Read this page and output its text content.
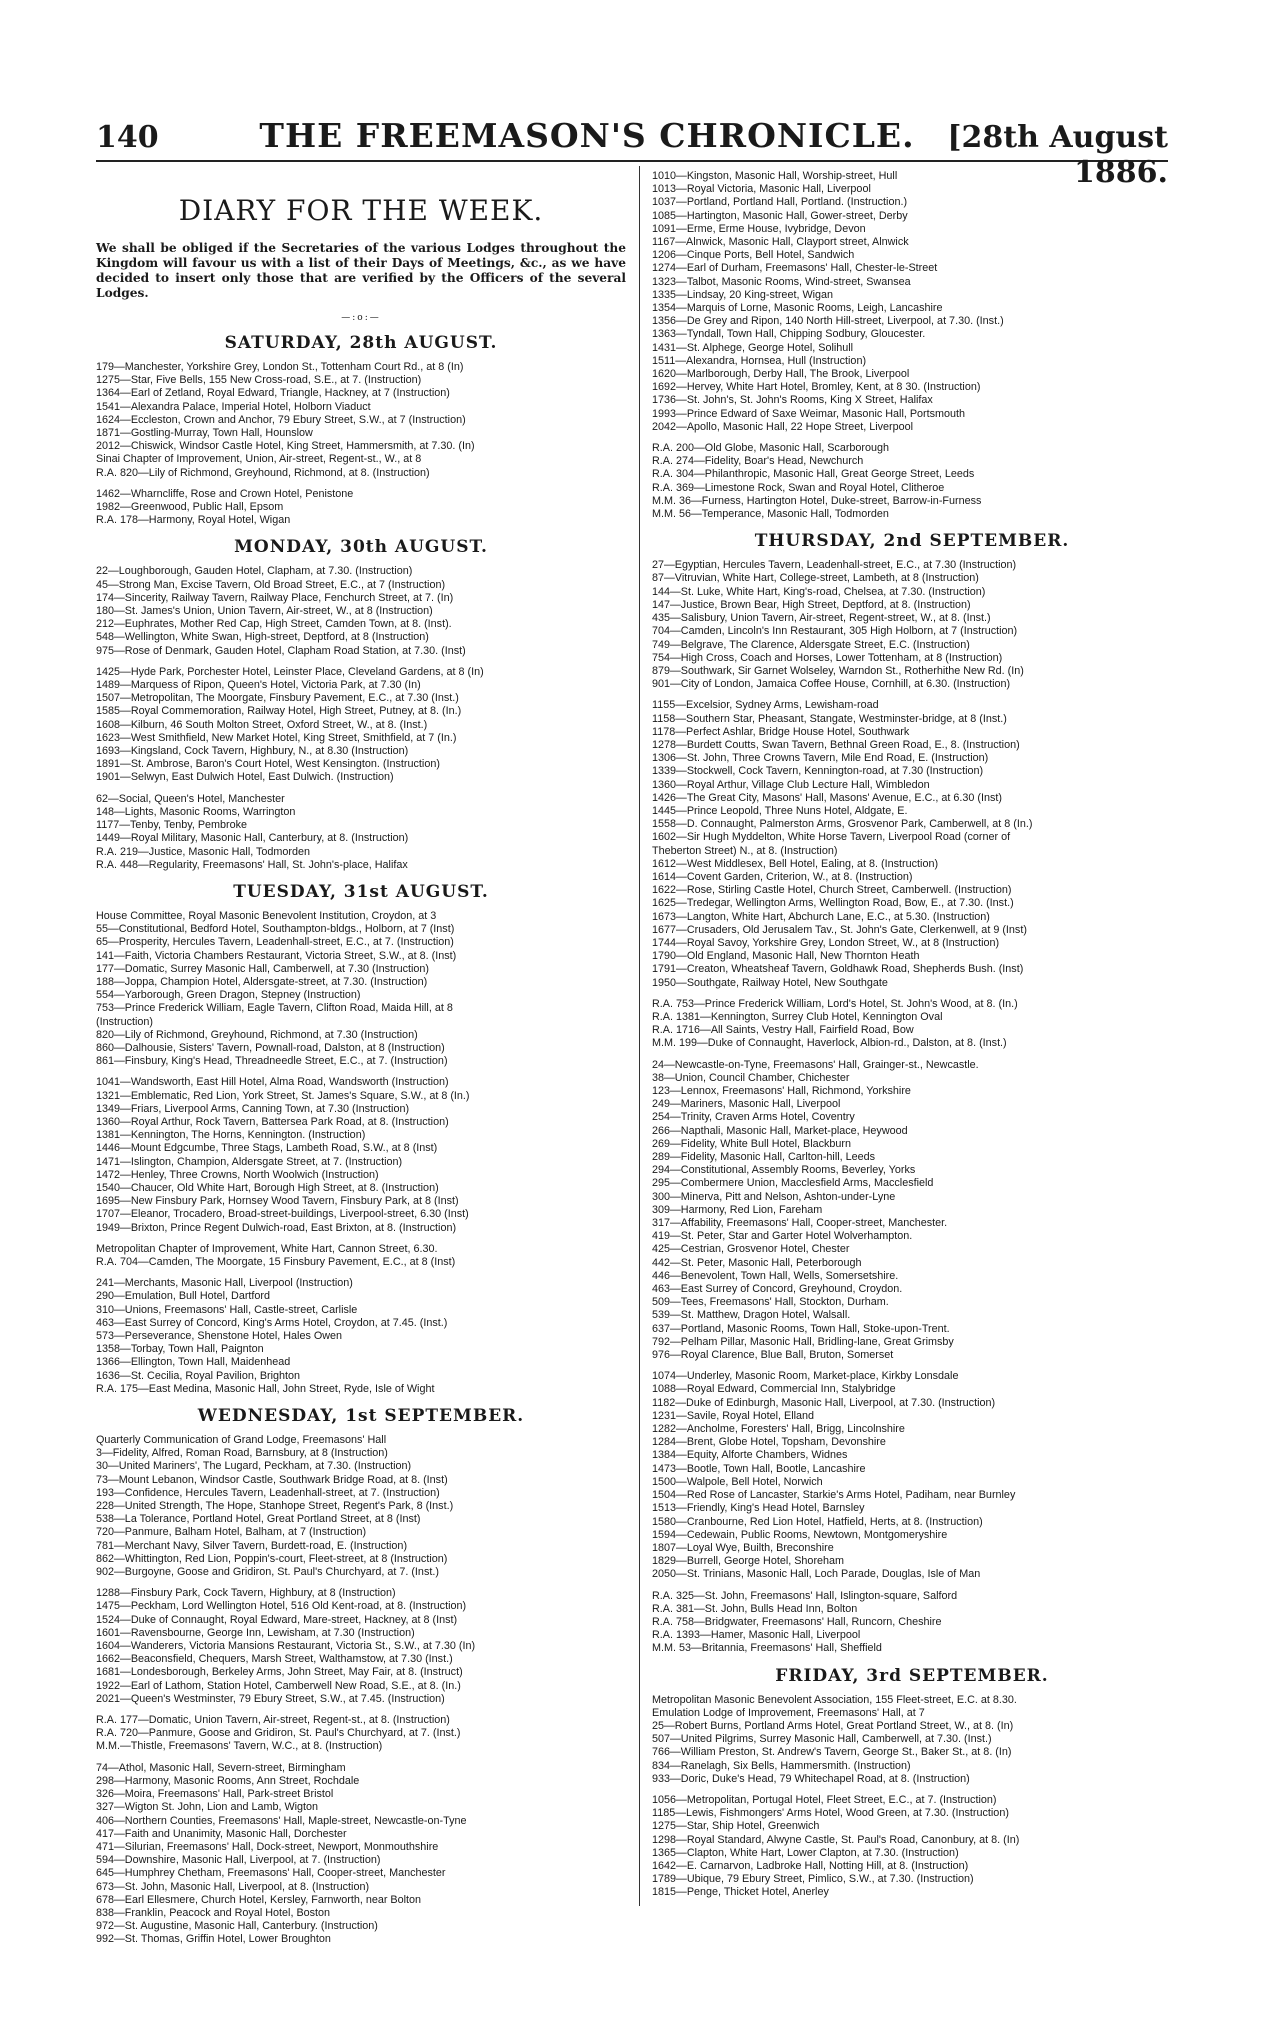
140	THE FREEMASON'S CHRONICLE.	[28th August 1886.
DIARY FOR THE WEEK.
We shall be obliged if the Secretaries of the various Lodges throughout the Kingdom will favour us with a list of their Days of Meetings, &c., as we have decided to insert only those that are verified by the Officers of the several Lodges.
—:o:—
SATURDAY, 28th AUGUST.
179—Manchester, Yorkshire Grey, London St., Tottenham Court Rd., at 8 (In)
1275—Star, Five Bells, 155 New Cross-road, S.E., at 7. (Instruction)
1364—Earl of Zetland, Royal Edward, Triangle, Hackney, at 7 (Instruction)
1541—Alexandra Palace, Imperial Hotel, Holborn Viaduct
1624—Eccleston, Crown and Anchor, 79 Ebury Street, S.W., at 7 (Instruction)
1871—Gostling-Murray, Town Hall, Hounslow
2012—Chiswick, Windsor Castle Hotel, King Street, Hammersmith, at 7.30. (In)
Sinai Chapter of Improvement, Union, Air-street, Regent-st., W., at 8
R.A. 820—Lily of Richmond, Greyhound, Richmond, at 8. (Instruction)
1462—Wharncliffe, Rose and Crown Hotel, Penistone
1982—Greenwood, Public Hall, Epsom
R.A. 178—Harmony, Royal Hotel, Wigan
MONDAY, 30th AUGUST.
22—Loughborough, Gauden Hotel, Clapham, at 7.30. (Instruction)
45—Strong Man, Excise Tavern, Old Broad Street, E.C., at 7 (Instruction)
174—Sincerity, Railway Tavern, Railway Place, Fenchurch Street, at 7. (In)
180—St. James's Union, Union Tavern, Air-street, W., at 8 (Instruction)
212—Euphrates, Mother Red Cap, High Street, Camden Town, at 8. (Inst).
548—Wellington, White Swan, High-street, Deptford, at 8 (Instruction)
975—Rose of Denmark, Gauden Hotel, Clapham Road Station, at 7.30. (Inst)
1425—Hyde Park, Porchester Hotel, Leinster Place, Cleveland Gardens, at 8 (In)
1489—Marquess of Ripon, Queen's Hotel, Victoria Park, at 7.30 (In)
1507—Metropolitan, The Moorgate, Finsbury Pavement, E.C., at 7.30 (Inst.)
1585—Royal Commemoration, Railway Hotel, High Street, Putney, at 8. (In.)
1608—Kilburn, 46 South Molton Street, Oxford Street, W., at 8. (Inst.)
1623—West Smithfield, New Market Hotel, King Street, Smithfield, at 7 (In.)
1693—Kingsland, Cock Tavern, Highbury, N., at 8.30 (Instruction)
1891—St. Ambrose, Baron's Court Hotel, West Kensington. (Instruction)
1901—Selwyn, East Dulwich Hotel, East Dulwich. (Instruction)
62—Social, Queen's Hotel, Manchester
148—Lights, Masonic Rooms, Warrington
1177—Tenby, Tenby, Pembroke
1449—Royal Military, Masonic Hall, Canterbury, at 8. (Instruction)
R.A. 219—Justice, Masonic Hall, Todmorden
R.A. 448—Regularity, Freemasons' Hall, St. John's-place, Halifax
TUESDAY, 31st AUGUST.
House Committee, Royal Masonic Benevolent Institution, Croydon, at 3
55—Constitutional, Bedford Hotel, Southampton-bldgs., Holborn, at 7 (Inst)
65—Prosperity, Hercules Tavern, Leadenhall-street, E.C., at 7. (Instruction)
141—Faith, Victoria Chambers Restaurant, Victoria Street, S.W., at 8. (Inst)
177—Domatic, Surrey Masonic Hall, Camberwell, at 7.30 (Instruction)
188—Joppa, Champion Hotel, Aldersgate-street, at 7.30. (Instruction)
554—Yarborough, Green Dragon, Stepney (Instruction)
753—Prince Frederick William, Eagle Tavern, Clifton Road, Maida Hill, at 8
(Instruction)
820—Lily of Richmond, Greyhound, Richmond, at 7.30 (Instruction)
860—Dalhousie, Sisters' Tavern, Pownall-road, Dalston, at 8 (Instruction)
861—Finsbury, King's Head, Threadneedle Street, E.C., at 7. (Instruction)
1041—Wandsworth, East Hill Hotel, Alma Road, Wandsworth (Instruction)
1321—Emblematic, Red Lion, York Street, St. James's Square, S.W., at 8 (In.)
1349—Friars, Liverpool Arms, Canning Town, at 7.30 (Instruction)
1360—Royal Arthur, Rock Tavern, Battersea Park Road, at 8. (Instruction)
1381—Kennington, The Horns, Kennington. (Instruction)
1446—Mount Edgcumbe, Three Stags, Lambeth Road, S.W., at 8 (Inst)
1471—Islington, Champion, Aldersgate Street, at 7. (Instruction)
1472—Henley, Three Crowns, North Woolwich (Instruction)
1540—Chaucer, Old White Hart, Borough High Street, at 8. (Instruction)
1695—New Finsbury Park, Hornsey Wood Tavern, Finsbury Park, at 8 (Inst)
1707—Eleanor, Trocadero, Broad-street-buildings, Liverpool-street, 6.30 (Inst)
1949—Brixton, Prince Regent Dulwich-road, East Brixton, at 8. (Instruction)
Metropolitan Chapter of Improvement, White Hart, Cannon Street, 6.30.
R.A. 704—Camden, The Moorgate, 15 Finsbury Pavement, E.C., at 8 (Inst)
241—Merchants, Masonic Hall, Liverpool (Instruction)
290—Emulation, Bull Hotel, Dartford
310—Unions, Freemasons' Hall, Castle-street, Carlisle
463—East Surrey of Concord, King's Arms Hotel, Croydon, at 7.45. (Inst.)
573—Perseverance, Shenstone Hotel, Hales Owen
1358—Torbay, Town Hall, Paignton
1366—Ellington, Town Hall, Maidenhead
1636—St. Cecilia, Royal Pavilion, Brighton
R.A. 175—East Medina, Masonic Hall, John Street, Ryde, Isle of Wight
WEDNESDAY, 1st SEPTEMBER.
Quarterly Communication of Grand Lodge, Freemasons' Hall
3—Fidelity, Alfred, Roman Road, Barnsbury, at 8 (Instruction)
30—United Mariners', The Lugard, Peckham, at 7.30. (Instruction)
73—Mount Lebanon, Windsor Castle, Southwark Bridge Road, at 8. (Inst)
193—Confidence, Hercules Tavern, Leadenhall-street, at 7. (Instruction)
228—United Strength, The Hope, Stanhope Street, Regent's Park, 8 (Inst.)
538—La Tolerance, Portland Hotel, Great Portland Street, at 8 (Inst)
720—Panmure, Balham Hotel, Balham, at 7 (Instruction)
781—Merchant Navy, Silver Tavern, Burdett-road, E. (Instruction)
862—Whittington, Red Lion, Poppin's-court, Fleet-street, at 8 (Instruction)
902—Burgoyne, Goose and Gridiron, St. Paul's Churchyard, at 7. (Inst.)
1288—Finsbury Park, Cock Tavern, Highbury, at 8 (Instruction)
1475—Peckham, Lord Wellington Hotel, 516 Old Kent-road, at 8. (Instruction)
1524—Duke of Connaught, Royal Edward, Mare-street, Hackney, at 8 (Inst)
1601—Ravensbourne, George Inn, Lewisham, at 7.30 (Instruction)
1604—Wanderers, Victoria Mansions Restaurant, Victoria St., S.W., at 7.30 (In)
1662—Beaconsfield, Chequers, Marsh Street, Walthamstow, at 7.30 (Inst.)
1681—Londesborough, Berkeley Arms, John Street, May Fair, at 8. (Instruct)
1922—Earl of Lathom, Station Hotel, Camberwell New Road, S.E., at 8. (In.)
2021—Queen's Westminster, 79 Ebury Street, S.W., at 7.45. (Instruction)
R.A. 177—Domatic, Union Tavern, Air-street, Regent-st., at 8. (Instruction)
R.A. 720—Panmure, Goose and Gridiron, St. Paul's Churchyard, at 7. (Inst.)
M.M.—Thistle, Freemasons' Tavern, W.C., at 8. (Instruction)
74—Athol, Masonic Hall, Severn-street, Birmingham
298—Harmony, Masonic Rooms, Ann Street, Rochdale
326—Moira, Freemasons' Hall, Park-street Bristol
327—Wigton St. John, Lion and Lamb, Wigton
406—Northern Counties, Freemasons' Hall, Maple-street, Newcastle-on-Tyne
417—Faith and Unanimity, Masonic Hall, Dorchester
471—Silurian, Freemasons' Hall, Dock-street, Newport, Monmouthshire
594—Downshire, Masonic Hall, Liverpool, at 7. (Instruction)
645—Humphrey Chetham, Freemasons' Hall, Cooper-street, Manchester
673—St. John, Masonic Hall, Liverpool, at 8. (Instruction)
678—Earl Ellesmere, Church Hotel, Kersley, Farnworth, near Bolton
838—Franklin, Peacock and Royal Hotel, Boston
972—St. Augustine, Masonic Hall, Canterbury. (Instruction)
992—St. Thomas, Griffin Hotel, Lower Broughton
1010—Kingston, Masonic Hall, Worship-street, Hull
1013—Royal Victoria, Masonic Hall, Liverpool
1037—Portland, Portland Hall, Portland. (Instruction.)
1085—Hartington, Masonic Hall, Gower-street, Derby
1091—Erme, Erme House, Ivybridge, Devon
1167—Alnwick, Masonic Hall, Clayport street, Alnwick
1206—Cinque Ports, Bell Hotel, Sandwich
1274—Earl of Durham, Freemasons' Hall, Chester-le-Street
1323—Talbot, Masonic Rooms, Wind-street, Swansea
1335—Lindsay, 20 King-street, Wigan
1354—Marquis of Lorne, Masonic Rooms, Leigh, Lancashire
1356—De Grey and Ripon, 140 North Hill-street, Liverpool, at 7.30. (Inst.)
1363—Tyndall, Town Hall, Chipping Sodbury, Gloucester.
1431—St. Alphege, George Hotel, Solihull
1511—Alexandra, Hornsea, Hull (Instruction)
1620—Marlborough, Derby Hall, The Brook, Liverpool
1692—Hervey, White Hart Hotel, Bromley, Kent, at 8 30. (Instruction)
1736—St. John's, St. John's Rooms, King X Street, Halifax
1993—Prince Edward of Saxe Weimar, Masonic Hall, Portsmouth
2042—Apollo, Masonic Hall, 22 Hope Street, Liverpool
R.A. 200—Old Globe, Masonic Hall, Scarborough
R.A. 274—Fidelity, Boar's Head, Newchurch
R.A. 304—Philanthropic, Masonic Hall, Great George Street, Leeds
R.A. 369—Limestone Rock, Swan and Royal Hotel, Clitheroe
M.M. 36—Furness, Hartington Hotel, Duke-street, Barrow-in-Furness
M.M. 56—Temperance, Masonic Hall, Todmorden
THURSDAY, 2nd SEPTEMBER.
27—Egyptian, Hercules Tavern, Leadenhall-street, E.C., at 7.30 (Instruction)
87—Vitruvian, White Hart, College-street, Lambeth, at 8 (Instruction)
144—St. Luke, White Hart, King's-road, Chelsea, at 7.30. (Instruction)
147—Justice, Brown Bear, High Street, Deptford, at 8. (Instruction)
435—Salisbury, Union Tavern, Air-street, Regent-street, W., at 8. (Inst.)
704—Camden, Lincoln's Inn Restaurant, 305 High Holborn, at 7 (Instruction)
749—Belgrave, The Clarence, Aldersgate Street, E.C. (Instruction)
754—High Cross, Coach and Horses, Lower Tottenham, at 8 (Instruction)
879—Southwark, Sir Garnet Wolseley, Warndon St., Rotherhithe New Rd. (In)
901—City of London, Jamaica Coffee House, Cornhill, at 6.30. (Instruction)
1155—Excelsior, Sydney Arms, Lewisham-road
1158—Southern Star, Pheasant, Stangate, Westminster-bridge, at 8 (Inst.)
1178—Perfect Ashlar, Bridge House Hotel, Southwark
1278—Burdett Coutts, Swan Tavern, Bethnal Green Road, E., 8. (Instruction)
1306—St. John, Three Crowns Tavern, Mile End Road, E. (Instruction)
1339—Stockwell, Cock Tavern, Kennington-road, at 7.30 (Instruction)
1360—Royal Arthur, Village Club Lecture Hall, Wimbledon
1426—The Great City, Masons' Hall, Masons' Avenue, E.C., at 6.30 (Inst)
1445—Prince Leopold, Three Nuns Hotel, Aldgate, E.
1558—D. Connaught, Palmerston Arms, Grosvenor Park, Camberwell, at 8 (In.)
1602—Sir Hugh Myddelton, White Horse Tavern, Liverpool Road (corner of
Theberton Street) N., at 8. (Instruction)
1612—West Middlesex, Bell Hotel, Ealing, at 8. (Instruction)
1614—Covent Garden, Criterion, W., at 8. (Instruction)
1622—Rose, Stirling Castle Hotel, Church Street, Camberwell. (Instruction)
1625—Tredegar, Wellington Arms, Wellington Road, Bow, E., at 7.30. (Inst.)
1673—Langton, White Hart, Abchurch Lane, E.C., at 5.30. (Instruction)
1677—Crusaders, Old Jerusalem Tav., St. John's Gate, Clerkenwell, at 9 (Inst)
1744—Royal Savoy, Yorkshire Grey, London Street, W., at 8 (Instruction)
1790—Old England, Masonic Hall, New Thornton Heath
1791—Creaton, Wheatsheaf Tavern, Goldhawk Road, Shepherds Bush. (Inst)
1950—Southgate, Railway Hotel, New Southgate
R.A. 753—Prince Frederick William, Lord's Hotel, St. John's Wood, at 8. (In.)
R.A. 1381—Kennington, Surrey Club Hotel, Kennington Oval
R.A. 1716—All Saints, Vestry Hall, Fairfield Road, Bow
M.M. 199—Duke of Connaught, Haverlock, Albion-rd., Dalston, at 8. (Inst.)
24—Newcastle-on-Tyne, Freemasons' Hall, Grainger-st., Newcastle.
38—Union, Council Chamber, Chichester
123—Lennox, Freemasons' Hall, Richmond, Yorkshire
249—Mariners, Masonic Hall, Liverpool
254—Trinity, Craven Arms Hotel, Coventry
266—Napthali, Masonic Hall, Market-place, Heywood
269—Fidelity, White Bull Hotel, Blackburn
289—Fidelity, Masonic Hall, Carlton-hill, Leeds
294—Constitutional, Assembly Rooms, Beverley, Yorks
295—Combermere Union, Macclesfield Arms, Macclesfield
300—Minerva, Pitt and Nelson, Ashton-under-Lyne
309—Harmony, Red Lion, Fareham
317—Affability, Freemasons' Hall, Cooper-street, Manchester.
419—St. Peter, Star and Garter Hotel Wolverhampton.
425—Cestrian, Grosvenor Hotel, Chester
442—St. Peter, Masonic Hall, Peterborough
446—Benevolent, Town Hall, Wells, Somersetshire.
463—East Surrey of Concord, Greyhound, Croydon.
509—Tees, Freemasons' Hall, Stockton, Durham.
539—St. Matthew, Dragon Hotel, Walsall.
637—Portland, Masonic Rooms, Town Hall, Stoke-upon-Trent.
792—Pelham Pillar, Masonic Hall, Bridling-lane, Great Grimsby
976—Royal Clarence, Blue Ball, Bruton, Somerset
1074—Underley, Masonic Room, Market-place, Kirkby Lonsdale
1088—Royal Edward, Commercial Inn, Stalybridge
1182—Duke of Edinburgh, Masonic Hall, Liverpool, at 7.30. (Instruction)
1231—Savile, Royal Hotel, Elland
1282—Ancholme, Foresters' Hall, Brigg, Lincolnshire
1284—Brent, Globe Hotel, Topsham, Devonshire
1384—Equity, Alforte Chambers, Widnes
1473—Bootle, Town Hall, Bootle, Lancashire
1500—Walpole, Bell Hotel, Norwich
1504—Red Rose of Lancaster, Starkie's Arms Hotel, Padiham, near Burnley
1513—Friendly, King's Head Hotel, Barnsley
1580—Cranbourne, Red Lion Hotel, Hatfield, Herts, at 8. (Instruction)
1594—Cedewain, Public Rooms, Newtown, Montgomeryshire
1807—Loyal Wye, Builth, Breconshire
1829—Burrell, George Hotel, Shoreham
2050—St. Trinians, Masonic Hall, Loch Parade, Douglas, Isle of Man
R.A. 325—St. John, Freemasons' Hall, Islington-square, Salford
R.A. 381—St. John, Bulls Head Inn, Bolton
R.A. 758—Bridgwater, Freemasons' Hall, Runcorn, Cheshire
R.A. 1393—Hamer, Masonic Hall, Liverpool
M.M. 53—Britannia, Freemasons' Hall, Sheffield
FRIDAY, 3rd SEPTEMBER.
Metropolitan Masonic Benevolent Association, 155 Fleet-street, E.C. at 8.30.
Emulation Lodge of Improvement, Freemasons' Hall, at 7
25—Robert Burns, Portland Arms Hotel, Great Portland Street, W., at 8. (In)
507—United Pilgrims, Surrey Masonic Hall, Camberwell, at 7.30. (Inst.)
766—William Preston, St. Andrew's Tavern, George St., Baker St., at 8. (In)
834—Ranelagh, Six Bells, Hammersmith. (Instruction)
933—Doric, Duke's Head, 79 Whitechapel Road, at 8. (Instruction)
1056—Metropolitan, Portugal Hotel, Fleet Street, E.C., at 7. (Instruction)
1185—Lewis, Fishmongers' Arms Hotel, Wood Green, at 7.30. (Instruction)
1275—Star, Ship Hotel, Greenwich
1298—Royal Standard, Alwyne Castle, St. Paul's Road, Canonbury, at 8. (In)
1365—Clapton, White Hart, Lower Clapton, at 7.30. (Instruction)
1642—E. Carnarvon, Ladbroke Hall, Notting Hill, at 8. (Instruction)
1789—Ubique, 79 Ebury Street, Pimlico, S.W., at 7.30. (Instruction)
1815—Penge, Thicket Hotel, Anerley
